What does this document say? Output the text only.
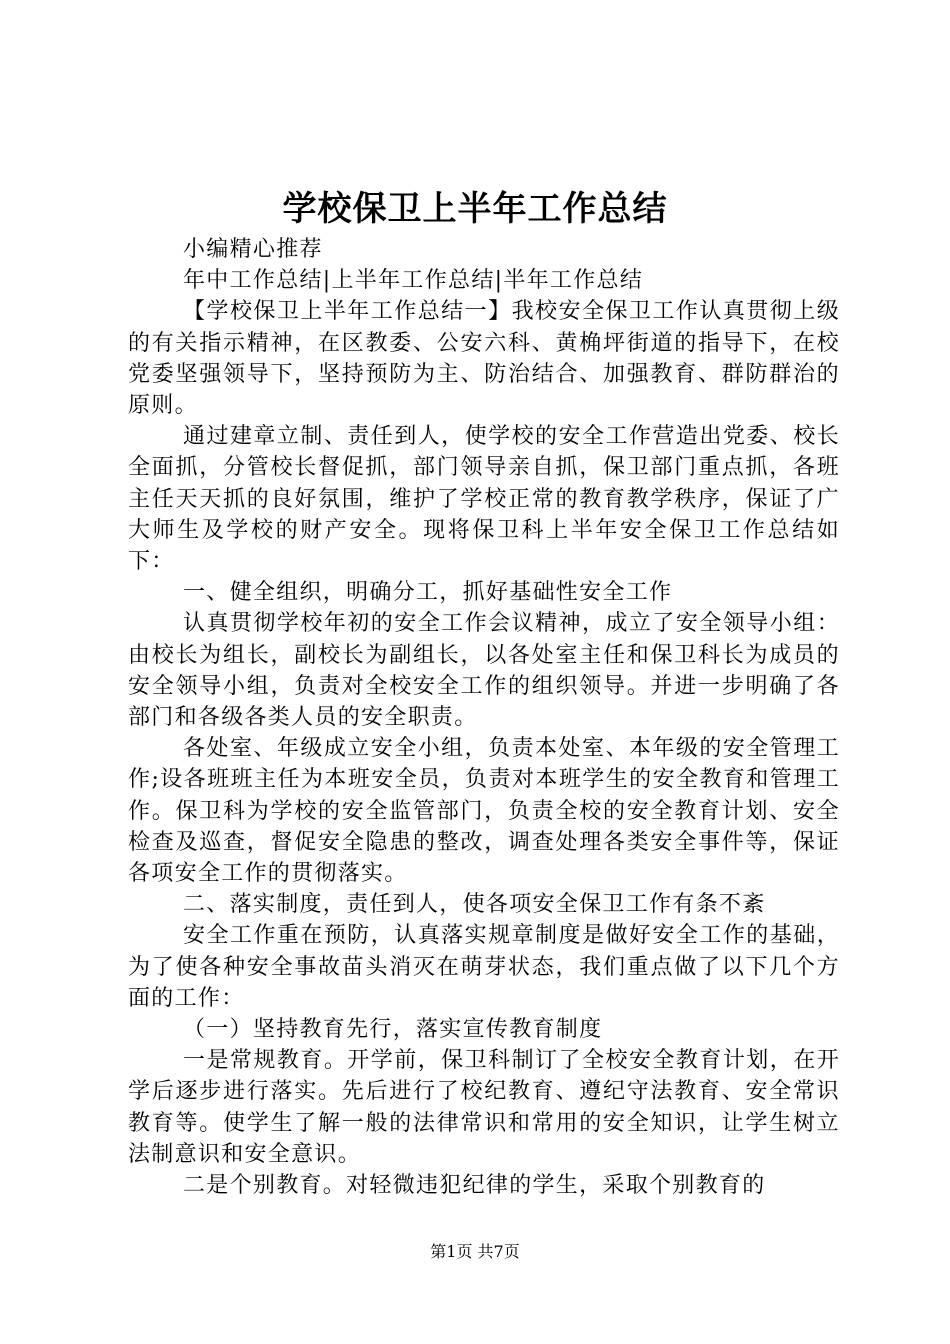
学校保卫上半年工作总结

小编精心推荐

年中工作总结|上半年工作总结|半年工作总结

【学校保卫上半年工作总结一】我校安全保卫工作认真贯彻上级的有关指示精神，在区教委、公安六科、黄桷坪街道的指导下，在校党委坚强领导下，坚持预防为主、防治结合、加强教育、群防群治的原则。

通过建章立制、责任到人，使学校的安全工作营造出党委、校长全面抓，分管校长督促抓，部门领导亲自抓，保卫部门重点抓，各班主任天天抓的良好氛围，维护了学校正常的教育教学秩序，保证了广大师生及学校的财产安全。现将保卫科上半年安全保卫工作总结如下：

一、健全组织，明确分工，抓好基础性安全工作

认真贯彻学校年初的安全工作会议精神，成立了安全领导小组：由校长为组长，副校长为副组长，以各处室主任和保卫科长为成员的安全领导小组，负责对全校安全工作的组织领导。并进一步明确了各部门和各级各类人员的安全职责。

各处室、年级成立安全小组，负责本处室、本年级的安全管理工作;设各班班主任为本班安全员，负责对本班学生的安全教育和管理工作。保卫科为学校的安全监管部门，负责全校的安全教育计划、安全检查及巡查，督促安全隐患的整改，调查处理各类安全事件等，保证各项安全工作的贯彻落实。

二、落实制度，责任到人，使各项安全保卫工作有条不紊

安全工作重在预防，认真落实规章制度是做好安全工作的基础，为了使各种安全事故苗头消灭在萌芽状态，我们重点做了以下几个方面的工作：

（一）坚持教育先行，落实宣传教育制度

一是常规教育。开学前，保卫科制订了全校安全教育计划，在开学后逐步进行落实。先后进行了校纪教育、遵纪守法教育、安全常识教育等。使学生了解一般的法律常识和常用的安全知识，让学生树立法制意识和安全意识。

二是个别教育。对轻微违犯纪律的学生，采取个别教育的

第1页 共7页
